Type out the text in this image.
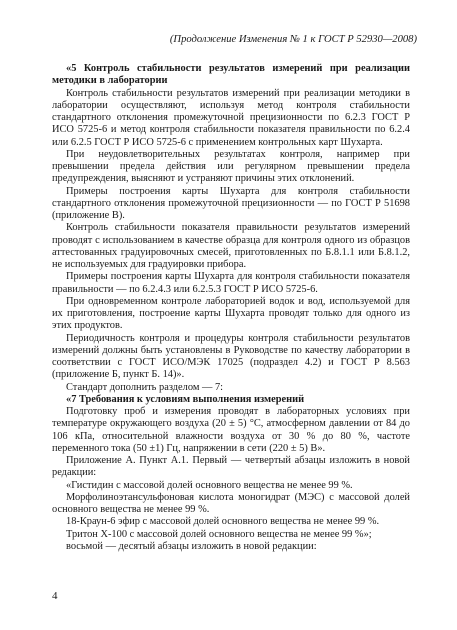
(Продолжение Изменения № 1 к ГОСТ Р 52930—2008)

«5 Контроль стабильности результатов измерений при реализации методики в лаборатории

Контроль стабильности результатов измерений при реализации методики в лаборатории осуществляют, используя метод контроля стабильности стандартного отклонения промежуточной прецизионности по 6.2.3 ГОСТ Р ИСО 5725-6 и метод контроля стабильности показателя правильности по 6.2.4 или 6.2.5 ГОСТ Р ИСО 5725-6 с применением контрольных карт Шухарта.

При неудовлетворительных результатах контроля, например при превышении предела действия или регулярном превышении предела предупреждения, выясняют и устраняют причины этих отклонений.

Примеры построения карты Шухарта для контроля стабильности стандартного отклонения промежуточной прецизионности — по ГОСТ Р 51698 (приложение В).

Контроль стабильности показателя правильности результатов измерений проводят с использованием в качестве образца для контроля одного из образцов аттестованных градуировочных смесей, приготовленных по Б.8.1.1 или Б.8.1.2, не используемых для градуировки прибора.

Примеры построения карты Шухарта для контроля стабильности показателя правильности — по 6.2.4.3 или 6.2.5.3 ГОСТ Р ИСО 5725-6.

При одновременном контроле лабораторией водок и вод, используемой для их приготовления, построение карты Шухарта проводят только для одного из этих продуктов.

Периодичность контроля и процедуры контроля стабильности результатов измерений должны быть установлены в Руководстве по качеству лаборатории в соответствии с ГОСТ ИСО/МЭК 17025 (подраздел 4.2) и ГОСТ Р 8.563 (приложение Б, пункт Б. 14)».

Стандарт дополнить разделом — 7:

«7 Требования к условиям выполнения измерений

Подготовку проб и измерения проводят в лабораторных условиях при температуре окружающего воздуха (20 ± 5) °С, атмосферном давлении от 84 до 106 кПа, относительной влажности воздуха от 30 % до 80 %, частоте переменного тока (50 ±1) Гц, напряжении в сети (220 ± 5) В».

Приложение А. Пункт А.1. Первый — четвертый абзацы изложить в новой редакции:

«Гистидин с массовой долей основного вещества не менее 99 %.

Морфолиноэтансульфоновая кислота моногидрат (МЭС) с массовой долей основного вещества не менее 99 %.

18-Краун-6 эфир с массовой долей основного вещества не менее 99 %.

Тритон Х-100 с массовой долей основного вещества не менее 99 %»;

восьмой — десятый абзацы изложить в новой редакции:

4
